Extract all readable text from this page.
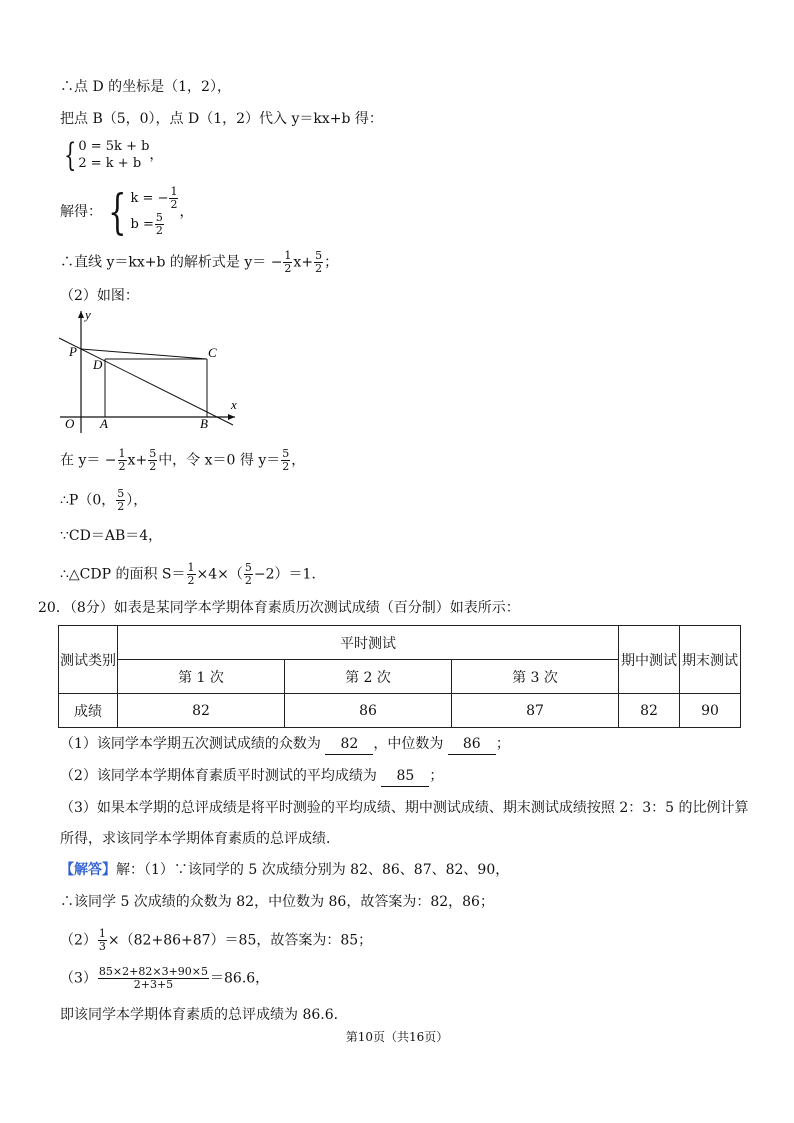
∴点 D 的坐标是（1，2），
把点 B（5，0），点 D（1，2）代入 y＝kx+b 得：
{ 0 = 5k + b
2 = k + b
，
解得： { k = − $\frac{1}{2}$
$b = \frac{5}{2}$ ，
∴直线 y＝kx+b 的解析式是 $y= - \frac{1}{2} x+ \frac{5}{2}$ ；
（2）如图：
y
x
O A	B
C
D
P
在 $y= - \frac{1}{2} x+ \frac{5}{2}$ 中，令 x＝0 得 $y= \frac{5}{2}$ ，
∴P（0， $\frac{5}{2}$ ），
∵CD＝AB＝4，
∴△CDP 的面积 $S= \frac{1}{2} \times 4\times( \frac{5}{2} -2)=1$．
20．（8分）如表是某同学本学期体育素质历次测试成绩（百分制）如表所示：
测试类别	平时测试			期中测试	期末测试
	第 1 次	第 2 次	第 3 次		
成绩	82	86	87	82	90
（1）该同学本学期五次测试成绩的众数为 82 ，中位数为 86 ；
（2）该同学本学期体育素质平时测试的平均成绩为 85 ；
（3）如果本学期的总评成绩是将平时测验的平均成绩、期中测试成绩、期末测试成绩按照 2：3：5 的比例计算
所得，求该同学本学期体育素质的总评成绩．
【解答】解：（1）∵该同学的 5 次成绩分别为 82、86、87、82、90，
∴该同学 5 次成绩的众数为 82，中位数为 86，故答案为：82，86；
$(2) \frac{1}{3} \times(82+86+87)=85$，故答案为：85；
$(3) \frac{85\times 2+82\times 3+90\times 5}{2+3+5} =86.6$，
即该同学本学期体育素质的总评成绩为 86.6．
第10页（共16页）
